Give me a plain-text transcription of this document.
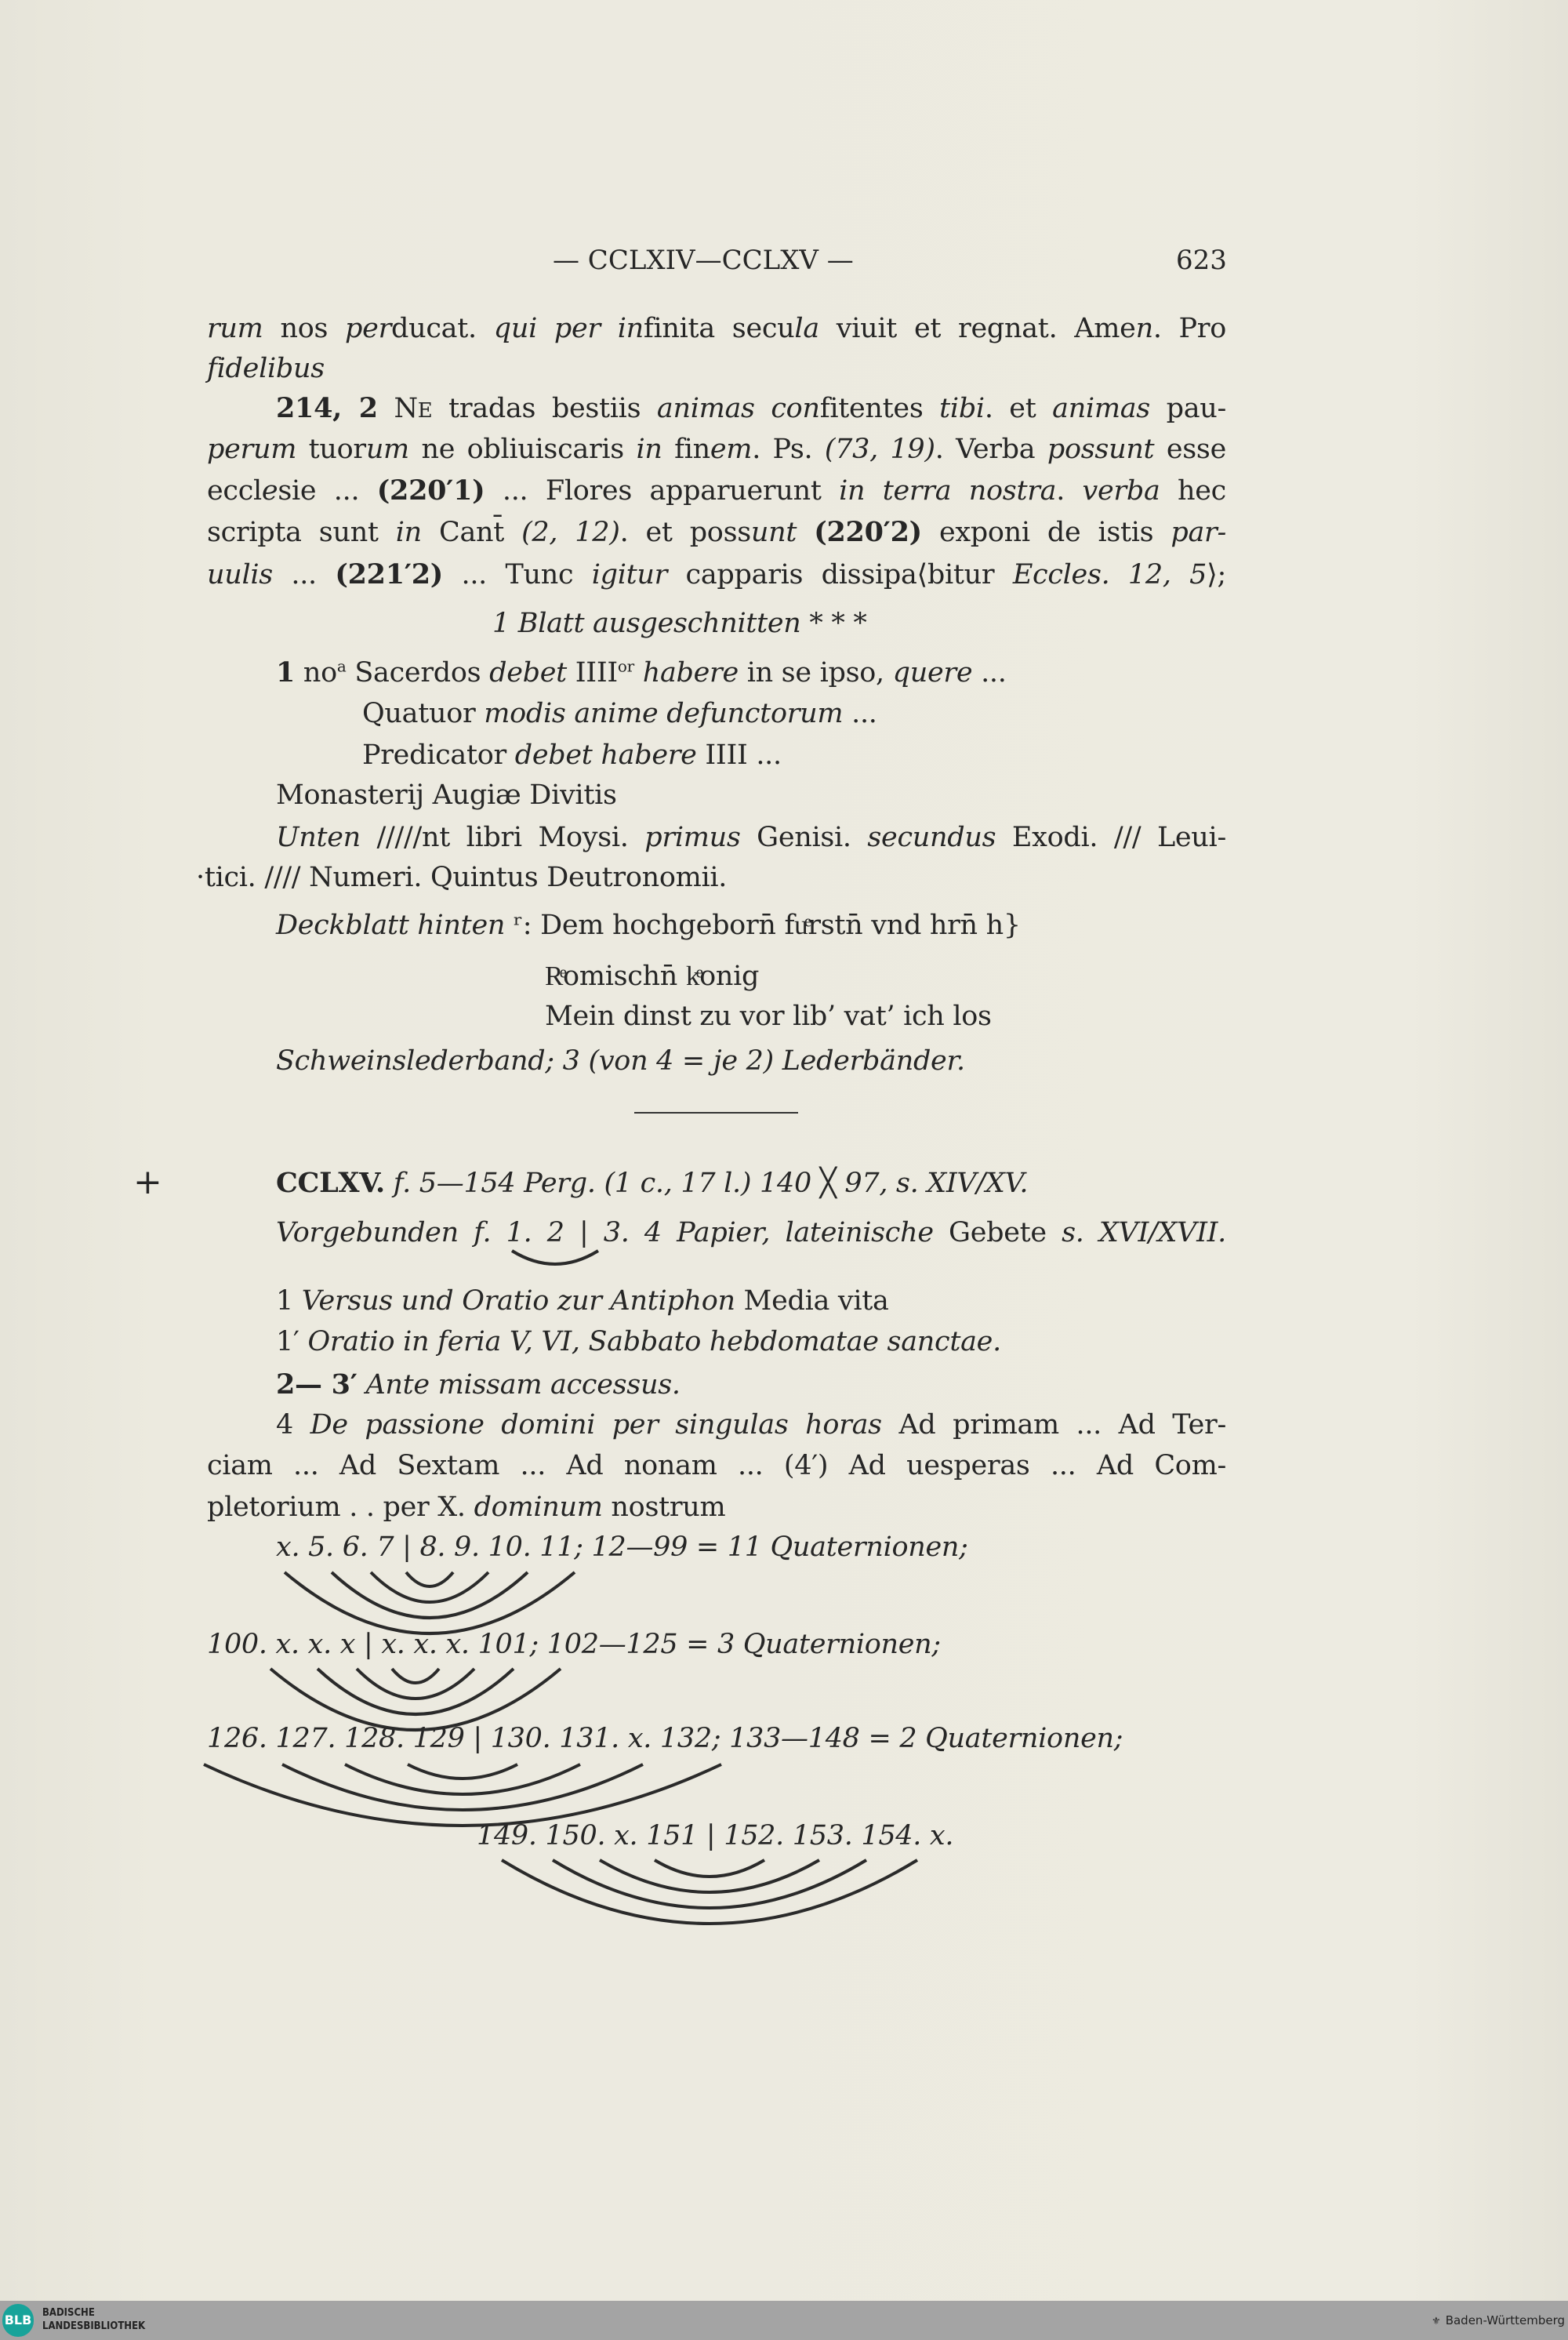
— CCLXIV—CCLXV —	623
rum nos perducat. qui per infinita secula viuit et regnat. Amen. Pro
fidelibus
214, 2 NE tradas bestiis animas confitentes tibi. et animas pau-
perum tuorum ne obliuiscaris in finem. Ps. (73, 19). Verba possunt esse
ecclesie ... (220′1) ... Flores apparuerunt in terra nostra. verba hec
scripta sunt in Cant̄ (2, 12). et possunt (220′2) exponi de istis par-
uulis ... (221′2) ... Tunc igitur capparis dissipa⟨bitur Eccles. 12, 5⟩;
1 Blatt ausgeschnitten * * *
1 $no^a$ Sacerdos debet $IIII^{or}$ habere in se ipso, quere ...
Quatuor modis anime defunctorum ...
Predicator debet habere IIII ...
Monasterij Augiæ Divitis
Unten /////nt libri Moysi. primus Genisi. secundus Exodi. /// Leui-
·tici. //// Numeri. Quintus Deutronomii.
Deckblatt hinten ʳ: Dem hochgeborn̄ fuͤrstn̄ vnd hrn̄ h}
Rͤomischn̄ kͤonig
Mein dinst zu vor lib’ vat’ ich los
Schweinslederband; 3 (von 4 = je 2) Lederbänder.
CCLXV. f. 5—154 Perg. (1 c., 17 l.) 140 ╳ 97, s. XIV/XV.
Vorgebunden f. 1. 2 | 3. 4 Papier, lateinische Gebete s. XVI/XVII.
1 Versus und Oratio zur Antiphon Media vita
1′ Oratio in feria V, VI, Sabbato hebdomatae sanctae.
2— 3′ Ante missam accessus.
4 De passione domini per singulas horas Ad primam ... Ad Ter-
ciam ... Ad Sextam ... Ad nonam ... (4′) Ad uesperas ... Ad Com-
pletorium . . per X. dominum nostrum
x. 5. 6. 7 | 8. 9. 10. 11; 12—99 = 11 Quaternionen;
100. x. x. x | x. x. x. 101; 102—125 = 3 Quaternionen;
126. 127. 128. 129 | 130. 131. x. 132; 133—148 = 2 Quaternionen;
149. 150. x. 151 | 152. 153. 154. x.
+
BLB BADISCHE
LANDESBIBLIOTHEK	⚜ Baden-Württemberg
